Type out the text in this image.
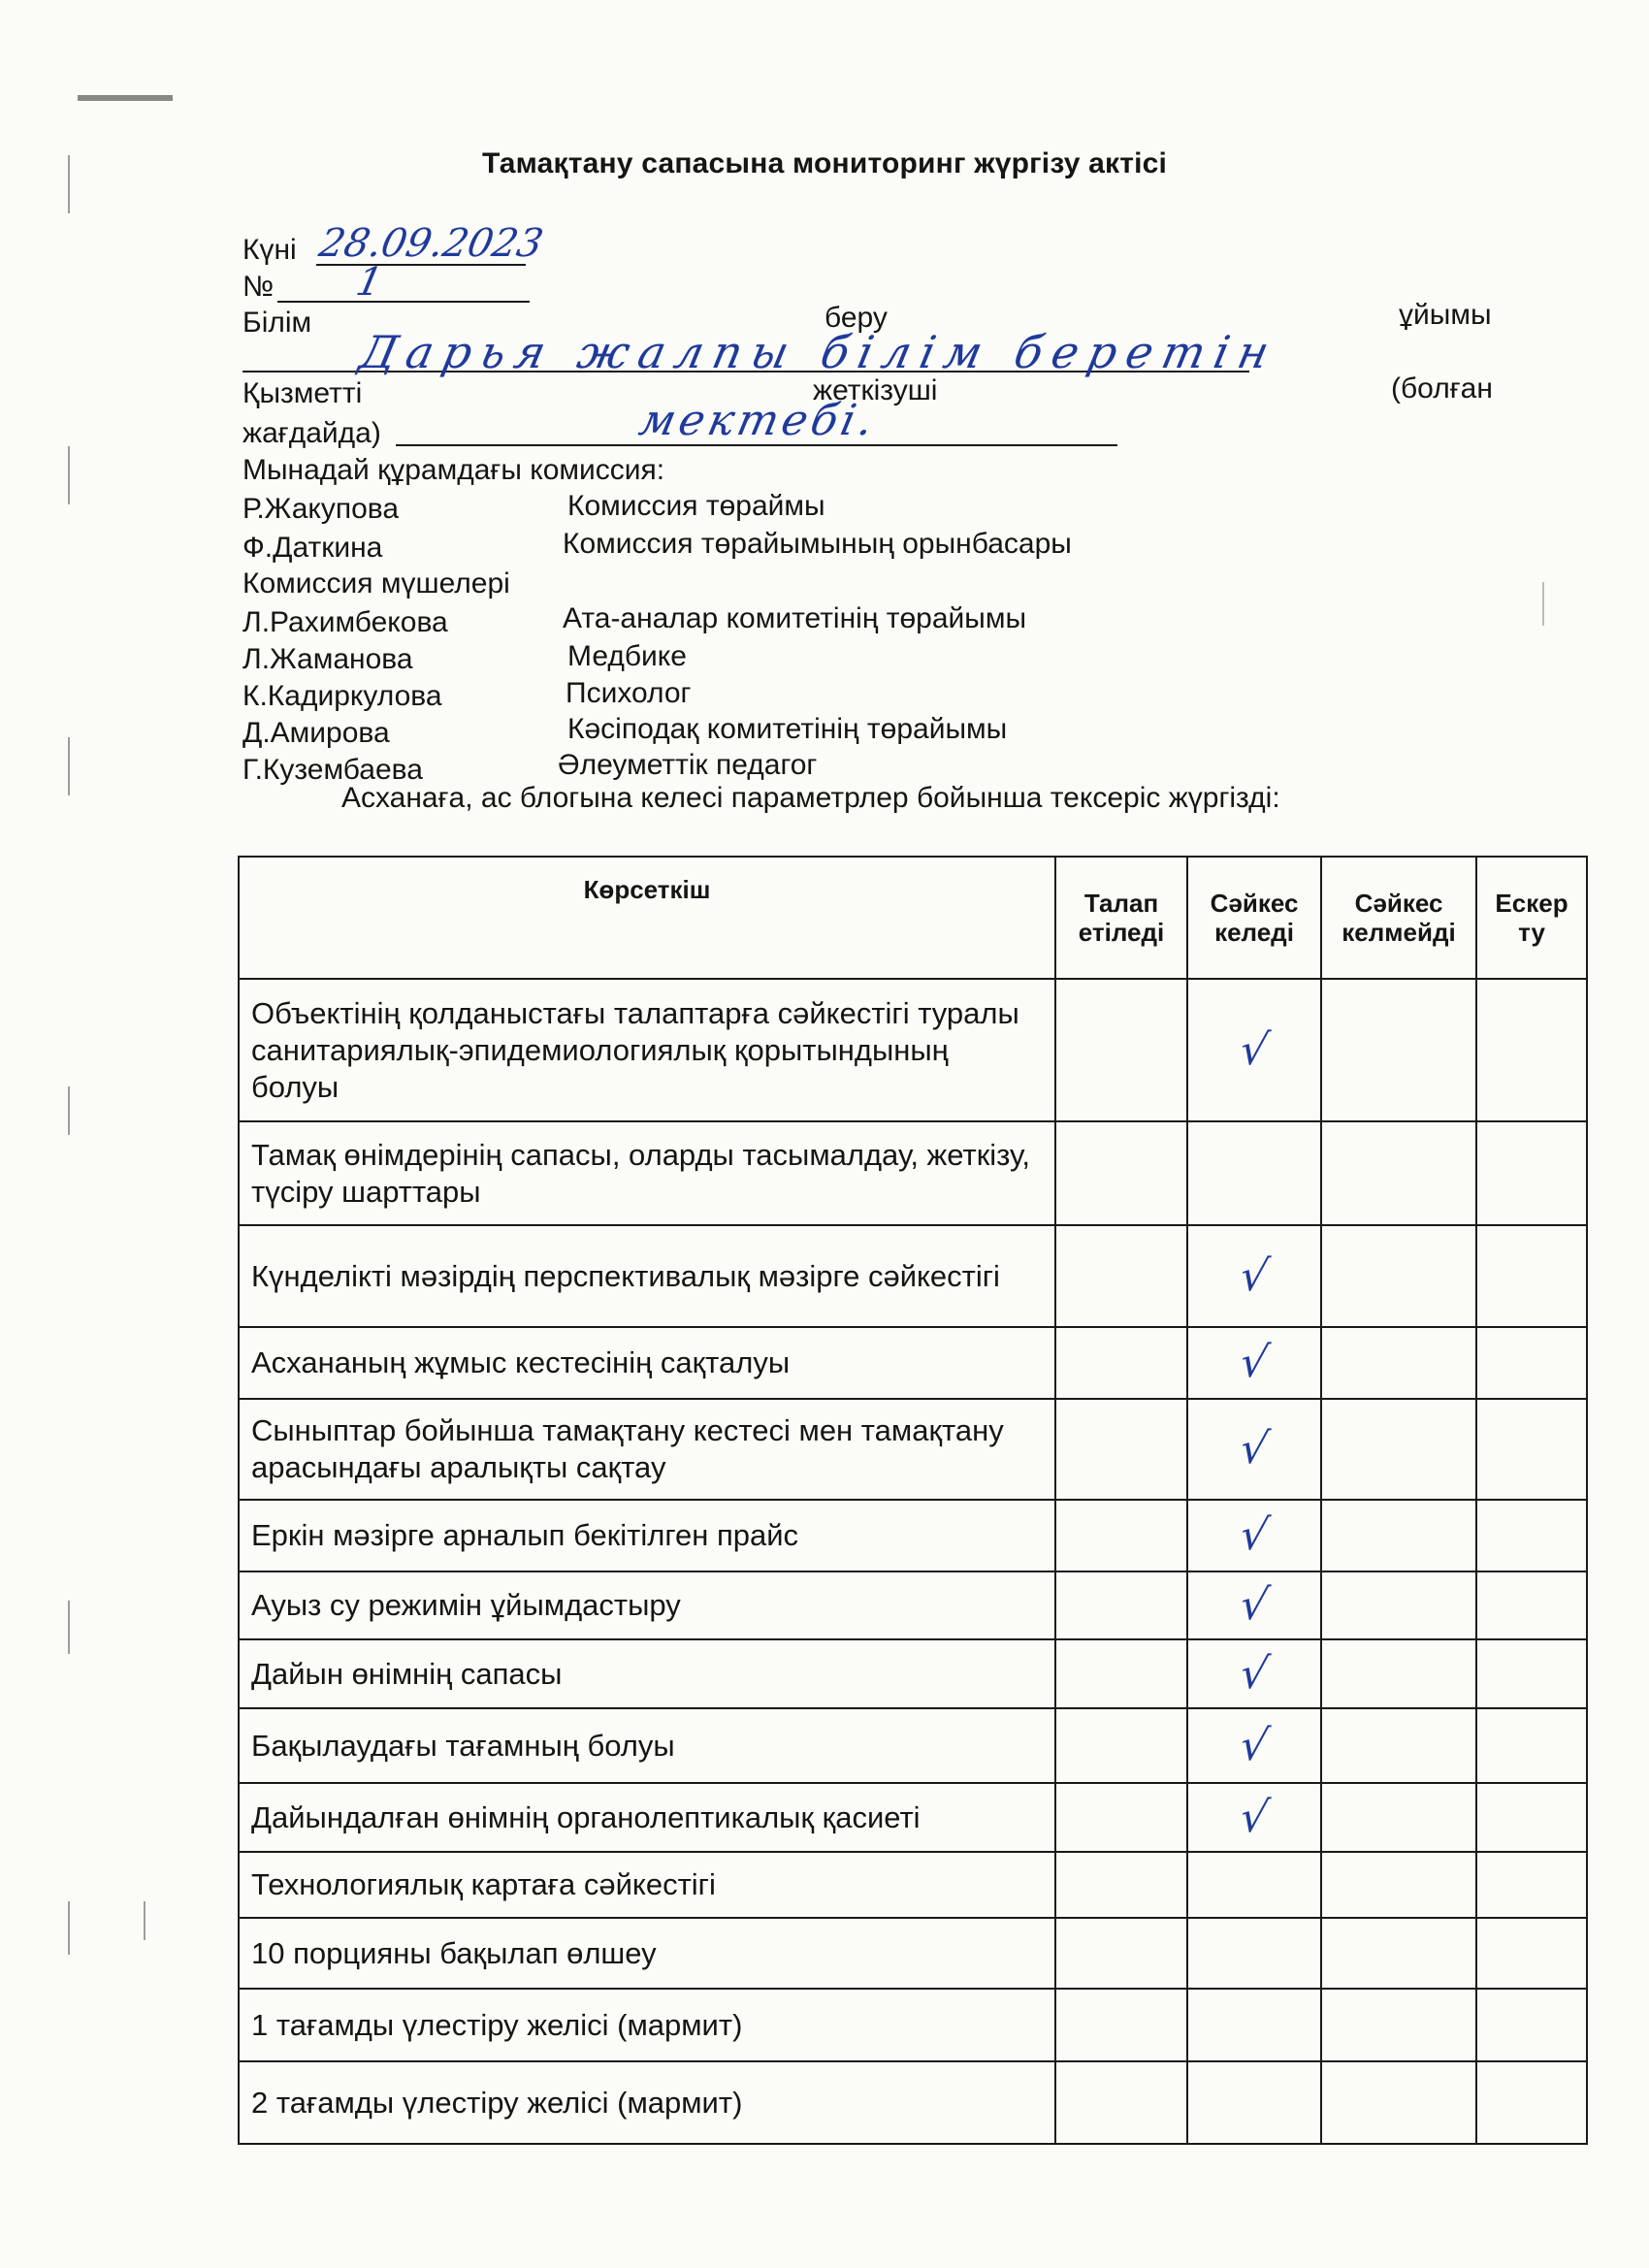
Тамақтану сапасына мониторинг жүргізу актісі
Күні 28.09.2023
№ 1
Білім	беру	ұйымы
Дарья жалпы білім беретін
Қызметті	жеткізуші	(болған
жағдайда)	мектебі.
Мынадай құрамдағы комиссия:
Р.Жакупова	Комиссия төраймы
Ф.Даткина	Комиссия төрайымының орынбасары
Комиссия мүшелері
Л.Рахимбекова	Ата-аналар комитетінің төрайымы
Л.Жаманова	Медбике
К.Кадиркулова	Психолог
Д.Амирова	Кәсіподақ комитетінің төрайымы
Г.Кузембаева	Әлеуметтік педагог
Асханаға, ас блогына келесі параметрлер бойынша тексеріс жүргізді:
Көрсеткіш	Талап етіледі	Сәйкес келеді	Сәйкес келмейді	Ескер ту
Объектінің қолданыстағы талаптарға сәйкестігі туралы санитариялық-эпидемиологиялық қорытындының болуы		√		
Тамақ өнімдерінің сапасы, оларды тасымалдау, жеткізу, түсіру шарттары				
Күнделікті мәзірдің перспективалық мәзірге сәйкестігі		√		
Асхананың жұмыс кестесінің сақталуы		√		
Сыныптар бойынша тамақтану кестесі мен тамақтану арасындағы аралықты сақтау		√		
Еркін мәзірге арналып бекітілген прайс		√		
Ауыз су режимін ұйымдастыру		√		
Дайын өнімнің сапасы		√		
Бақылаудағы тағамның болуы		√		
Дайындалған өнімнің органолептикалық қасиеті		√		
Технологиялық картаға сәйкестігі				
10 порцияны бақылап өлшеу				
1 тағамды үлестіру желісі (мармит)				
2 тағамды үлестіру желісі (мармит)				
